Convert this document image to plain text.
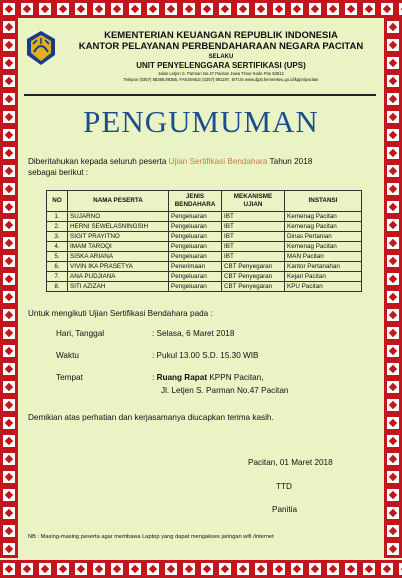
KEMENTERIAN KEUANGAN REPUBLIK INDONESIA
KANTOR PELAYANAN PERBENDAHARAAN NEGARA PACITAN
SELAKU
UNIT PENYELENGGARA SERTIFIKASI (UPS)
Jalan Letjen S. Parman No.47 Pacitan Jawa Timur Kode Pos 63512
Telepon (0357) 88386,88385, FAKSIMILE (0357) 881197, SITUS www.djpb.kemenkeu.go.id/kppn/pacitan
PENGUMUMAN
Diberitahukan kepada seluruh peserta Ujian Sertifikasi Bendahara Tahun 2018
sebagai berikut :
NO	NAMA PESERTA	JENIS BENDAHARA	MEKANISME UJIAN	INSTANSI
1.	SUJARNO	Pengeluaran	IBT	Kemenag Pacitan
2.	HERNI SEWELASNINGSIH	Pengeluaran	IBT	Kemenag Pacitan
3.	SIGIT PRAYITNO	Pengeluaran	IBT	Dinas Pertanian
4.	IMAM TAROQI	Pengeluaran	IBT	Kemenag Pacitan
5.	SISKA ARIANA	Pengeluaran	IBT	MAN Pacitan
6.	VIVIN IKA PRASETYA	Penerimaan	CBT Penyegaran	Kantor Pertanahan
7.	ANA PUDJIANA	Pengeluaran	CBT Penyegaran	Kejari Pacitan
8.	SITI AZIZAH	Pengeluaran	CBT Penyegaran	KPU Pacitan
Untuk mengikuti Ujian Sertifikasi Bendahara pada :
Hari, Tanggal	: Selasa, 6 Maret 2018
Waktu	: Pukul 13.00 S.D. 15.30 WIB
Tempat	: Ruang Rapat KPPN Pacitan,
Jl. Letjen S. Parman No.47 Pacitan
Demikian atas perhatian dan kerjasamanya diucapkan terima kasih.
Pacitan, 01 Maret 2018
TTD
Panitia
NB : Masing-masing peserta agar membawa Laptop yang dapat mengakses jaringan wifi /internet
